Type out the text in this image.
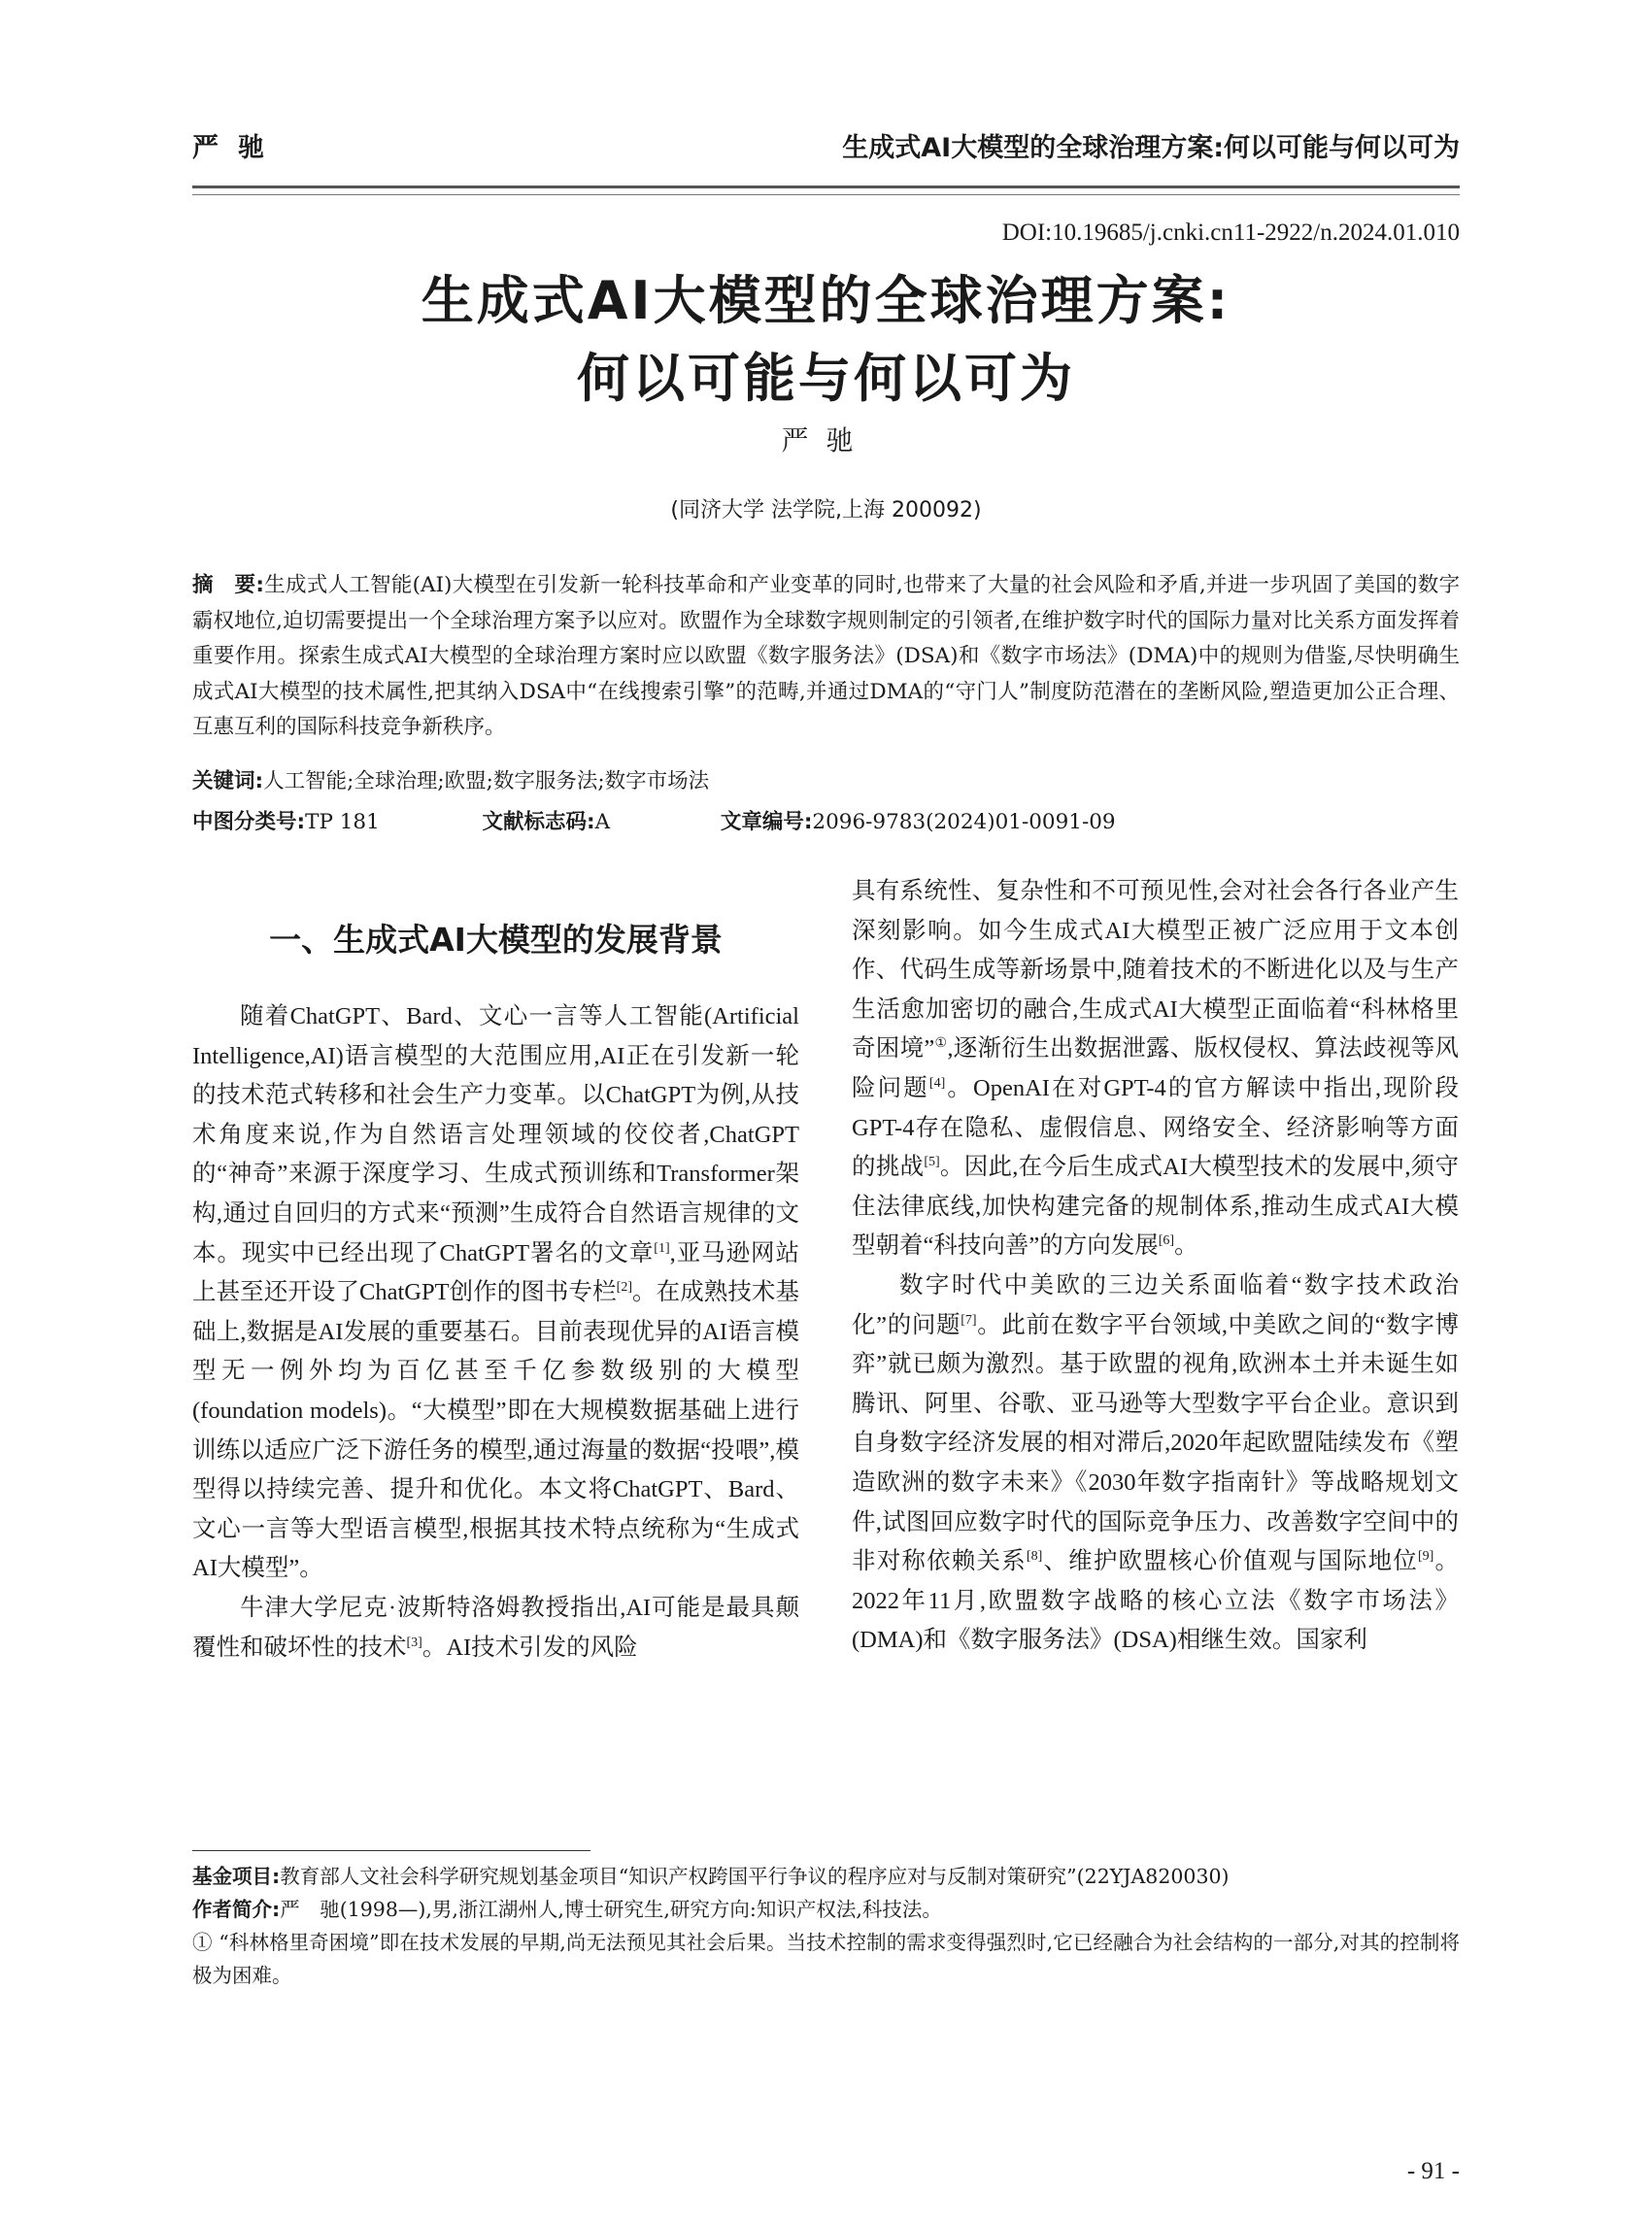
严驰	生成式AI大模型的全球治理方案:何以可能与何以可为
DOI:10.19685/j.cnki.cn11-2922/n.2024.01.010
生成式AI大模型的全球治理方案:
何以可能与何以可为
严驰
(同济大学 法学院,上海 200092)
摘　要:生成式人工智能(AI)大模型在引发新一轮科技革命和产业变革的同时,也带来了大量的社会风险和矛盾,并进一步巩固了美国的数字霸权地位,迫切需要提出一个全球治理方案予以应对。欧盟作为全球数字规则制定的引领者,在维护数字时代的国际力量对比关系方面发挥着重要作用。探索生成式AI大模型的全球治理方案时应以欧盟《数字服务法》(DSA)和《数字市场法》(DMA)中的规则为借鉴,尽快明确生成式AI大模型的技术属性,把其纳入DSA中“在线搜索引擎”的范畴,并通过DMA的“守门人”制度防范潜在的垄断风险,塑造更加公正合理、互惠互利的国际科技竞争新秩序。
关键词:人工智能;全球治理;欧盟;数字服务法;数字市场法
中图分类号:TP 181	文献标志码:A	文章编号:2096-9783(2024)01-0091-09
一、生成式AI大模型的发展背景

随着ChatGPT、Bard、文心一言等人工智能(Artificial Intelligence,AI)语言模型的大范围应用,AI正在引发新一轮的技术范式转移和社会生产力变革。以ChatGPT为例,从技术角度来说,作为自然语言处理领域的佼佼者,ChatGPT的“神奇”来源于深度学习、生成式预训练和Transformer架构,通过自回归的方式来“预测”生成符合自然语言规律的文本。现实中已经出现了ChatGPT署名的文章[1],亚马逊网站上甚至还开设了ChatGPT创作的图书专栏[2]。在成熟技术基础上,数据是AI发展的重要基石。目前表现优异的AI语言模型无一例外均为百亿甚至千亿参数级别的大模型(foundation models)。“大模型”即在大规模数据基础上进行训练以适应广泛下游任务的模型,通过海量的数据“投喂”,模型得以持续完善、提升和优化。本文将ChatGPT、Bard、文心一言等大型语言模型,根据其技术特点统称为“生成式AI大模型”。

牛津大学尼克·波斯特洛姆教授指出,AI可能是最具颠覆性和破坏性的技术[3]。AI技术引发的风险

具有系统性、复杂性和不可预见性,会对社会各行各业产生深刻影响。如今生成式AI大模型正被广泛应用于文本创作、代码生成等新场景中,随着技术的不断进化以及与生产生活愈加密切的融合,生成式AI大模型正面临着“科林格里奇困境”①,逐渐衍生出数据泄露、版权侵权、算法歧视等风险问题[4]。OpenAI在对GPT-4的官方解读中指出,现阶段GPT-4存在隐私、虚假信息、网络安全、经济影响等方面的挑战[5]。因此,在今后生成式AI大模型技术的发展中,须守住法律底线,加快构建完备的规制体系,推动生成式AI大模型朝着“科技向善”的方向发展[6]。

数字时代中美欧的三边关系面临着“数字技术政治化”的问题[7]。此前在数字平台领域,中美欧之间的“数字博弈”就已颇为激烈。基于欧盟的视角,欧洲本土并未诞生如腾讯、阿里、谷歌、亚马逊等大型数字平台企业。意识到自身数字经济发展的相对滞后,2020年起欧盟陆续发布《塑造欧洲的数字未来》《2030年数字指南针》等战略规划文件,试图回应数字时代的国际竞争压力、改善数字空间中的非对称依赖关系[8]、维护欧盟核心价值观与国际地位[9]。2022年11月,欧盟数字战略的核心立法《数字市场法》(DMA)和《数字服务法》(DSA)相继生效。国家利

基金项目:教育部人文社会科学研究规划基金项目“知识产权跨国平行争议的程序应对与反制对策研究”(22YJA820030)
作者简介:严　驰(1998—),男,浙江湖州人,博士研究生,研究方向:知识产权法,科技法。
① “科林格里奇困境”即在技术发展的早期,尚无法预见其社会后果。当技术控制的需求变得强烈时,它已经融合为社会结构的一部分,对其的控制将极为困难。
- 91 -
